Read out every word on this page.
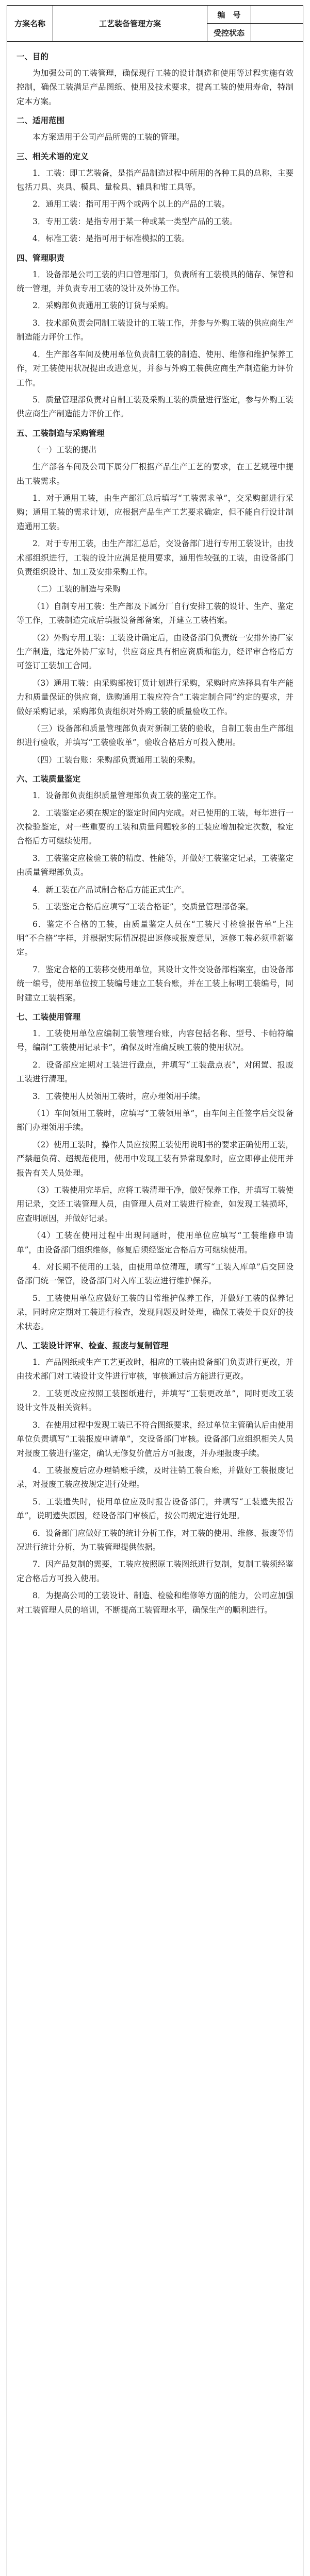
方案名称	工艺装备管理方案	编　号	
		受控状态	
一、目的
为加强公司的工装管理，确保现行工装的设计制造和使用等过程实施有效控制，确保工装满足产品图纸、使用及技术要求，提高工装的使用寿命，特制定本方案。
二、适用范围
本方案适用于公司产品所需的工装的管理。
三、相关术语的定义
1．工装：即工艺装备，是指产品制造过程中所用的各种工具的总称，主要包括刀具、夹具、模具、量检具、辅具和钳工具等。
2．通用工装：指可用于两个或两个以上的产品的工装。
3．专用工装：是指专用于某一种或某一类型产品的工装。
4．标准工装：是指可用于标准模拟的工装。
四、管理职责
1．设备部是公司工装的归口管理部门，负责所有工装模具的储存、保管和统一管理，并负责专用工装的设计及外协工作。
2．采购部负责通用工装的订货与采购。
3．技术部负责会同制工装设计的工装工作，并参与外购工装的供应商生产制造能力评价工作。
4．生产部各车间及使用单位负责制工装的制造、使用、维修和维护保养工作，对工装使用状况提出改进意见，并参与外购工装供应商生产制造能力评价工作。
5．质量管理部负责对自制工装及采购工装的质量进行鉴定，参与外购工装供应商生产制造能力评价工作。
五、工装制造与采购管理
（一）工装的提出
生产部各车间及公司下属分厂根据产品生产工艺的要求，在工艺规程中提出工装需求。
1．对于通用工装，由生产部汇总后填写“工装需求单”，交采购部进行采购；通用工装的需求计划，应根据产品生产工艺要求确定，但不能自行设计制造通用工装。
2．对于专用工装，由生产部汇总后，交设备部门进行专用工装设计，由技术部组织进行，工装的设计应满足使用要求，通用性较强的工装，由设备部门负责组织设计、加工及安排采购工作。
（二）工装的制造与采购
（1）自制专用工装：生产部及下属分厂自行安排工装的设计、生产、鉴定等工作，工装制造完成后填报设备部备案，并建立工装档案。
（2）外购专用工装：工装设计确定后，由设备部门负责统一安排外协厂家生产制造，选定外协厂家时，供应商应具有相应资质和能力，经评审合格后方可签订工装加工合同。
（3）通用工装：由采购部按订货计划进行采购，采购时应选择具有生产能力和质量保证的供应商，选购通用工装应符合“工装定制合同”约定的要求，并做好采购记录，采购部负责组织对外购工装的质量验收工作。
（三）设备部和质量管理部负责对新制工装的验收，自制工装由生产部组织进行验收，并填写“工装验收单”，验收合格后方可投入使用。
（四）工装台账：采购部负责通用工装的采购。
六、工装质量鉴定
1．设备部负责组织质量管理部负责工装的鉴定工作。
2．工装鉴定必须在规定的鉴定时间内完成。对已使用的工装，每年进行一次检验鉴定，对一些重要的工装和质量问题较多的工装应增加检定次数，检定合格后方可继续使用。
3．工装鉴定应检验工装的精度、性能等，并做好工装鉴定记录，工装鉴定由质量管理部负责。
4．新工装在产品试制合格后方能正式生产。
5．工装鉴定合格后应填写“工装合格证”，交质量管理部备案。
6．鉴定不合格的工装，由质量鉴定人员在“工装尺寸检验报告单”上注明“不合格”字样，并根据实际情况提出返修或报废意见，返修工装必须重新鉴定。
7．鉴定合格的工装移交使用单位，其设计文件交设备部档案室，由设备部统一编号，使用单位按工装编号建立工装台账，并在工装上标明工装编号，同时建立工装档案。
七、工装使用管理
1．工装使用单位应编制工装管理台账，内容包括名称、型号、卡帕符编号，编制“工装使用记录卡”，确保及时准确反映工装的使用状况。
2．设备部应定期对工装进行盘点，并填写“工装盘点表”，对闲置、报废工装进行清理。
3．工装使用人员领用工装时，应办理领用手续。
（1）车间领用工装时，应填写“工装领用单”，由车间主任签字后交设备部门办理领用手续。
（2）使用工装时，操作人员应按照工装使用说明书的要求正确使用工装，严禁超负荷、超规范使用，使用中发现工装有异常现象时，应立即停止使用并报告有关人员处理。
（3）工装使用完毕后，应将工装清理干净，做好保养工作，并填写工装使用记录，交还工装管理人员，由管理人员对工装进行检查，如发现工装损坏，应查明原因，并做好记录。
（4）工装在使用过程中出现问题时，使用单位应填写“工装维修申请单”，由设备部门组织维修，修复后须经鉴定合格后方可继续使用。
4．对长期不使用的工装，由使用单位清理，填写“工装入库单”后交回设备部门统一保管，设备部门对入库工装应进行维护保养。
5．工装使用单位应做好工装的日常维护保养工作，并做好工装的保养记录，同时应定期对工装进行检查，发现问题及时处理，确保工装处于良好的技术状态。
八、工装设计评审、检查、报废与复制管理
1．产品图纸或生产工艺更改时，相应的工装由设备部门负责进行更改，并由技术部门对工装设计文件进行审核，审核通过后方能进行更改。
2．工装更改应按照工装图纸进行，并填写“工装更改单”，同时更改工装设计文件及相关资料。
3．在使用过程中发现工装已不符合图纸要求，经过单位主管确认后由使用单位负责填写“工装报废申请单”，交设备部门审核。设备部门应组织相关人员对报废工装进行鉴定，确认无修复价值后方可报废，并办理报废手续。
4．工装报废后应办理销账手续，及时注销工装台账，并做好工装报废记录，对报废工装应按规定进行处理。
5．工装遗失时，使用单位应及时报告设备部门，并填写“工装遗失报告单”，说明遗失原因，经设备部门审核后，按公司规定进行处理。
6．设备部门应做好工装的统计分析工作，对工装的使用、维修、报废等情况进行统计分析，为工装管理提供依据。
7．因产品复制的需要，工装应按照原工装图纸进行复制，复制工装须经鉴定合格后方可投入使用。
8．为提高公司的工装设计、制造、检验和维修等方面的能力，公司应加强对工装管理人员的培训，不断提高工装管理水平，确保生产的顺利进行。
